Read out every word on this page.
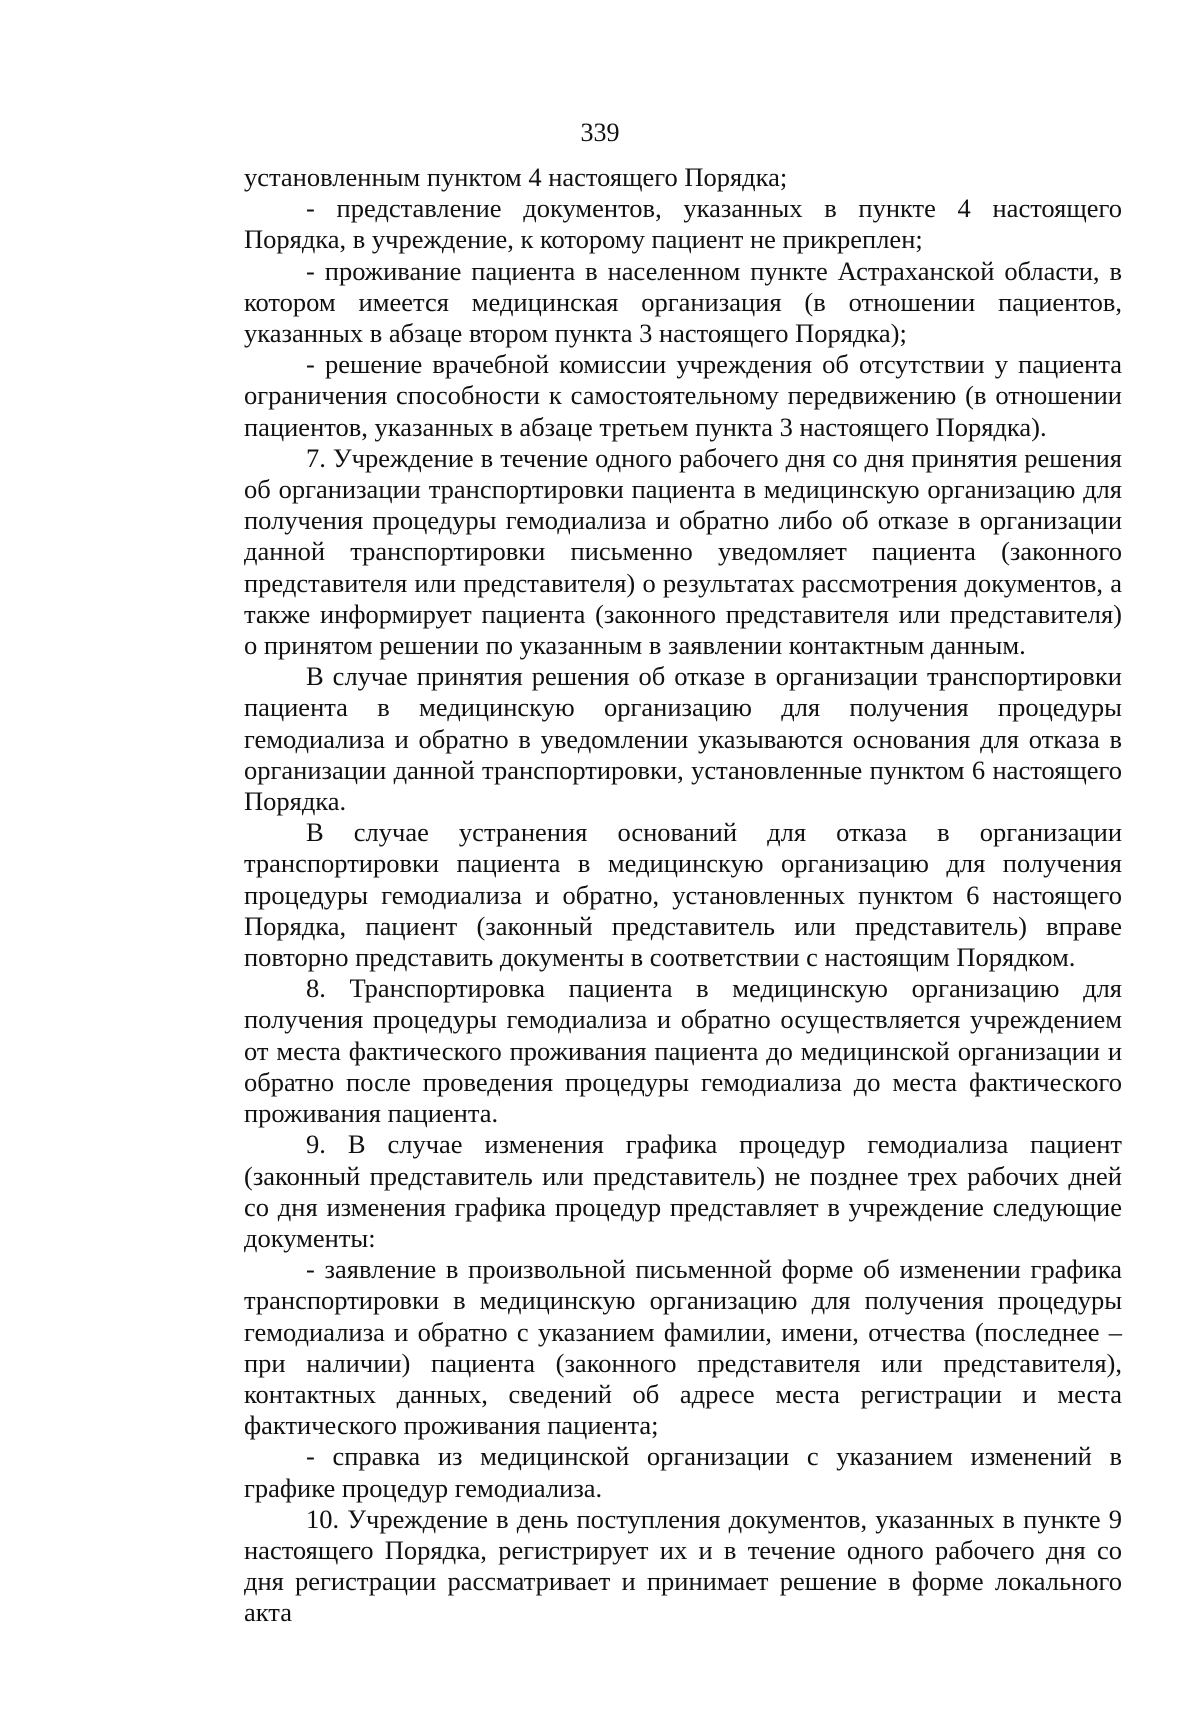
339

установленным пунктом 4 настоящего Порядка;

- представление документов, указанных в пункте 4 настоящего Порядка, в учреждение, к которому пациент не прикреплен;

- проживание пациента в населенном пункте Астраханской области, в котором имеется медицинская организация (в отношении пациентов, указанных в абзаце втором пункта 3 настоящего Порядка);

- решение врачебной комиссии учреждения об отсутствии у пациента ограничения способности к самостоятельному передвижению (в отношении пациентов, указанных в абзаце третьем пункта 3 настоящего Порядка).

7. Учреждение в течение одного рабочего дня со дня принятия решения об организации транспортировки пациента в медицинскую организацию для получения процедуры гемодиализа и обратно либо об отказе в организации данной транспортировки письменно уведомляет пациента (законного представителя или представителя) о результатах рассмотрения документов, а также информирует пациента (законного представителя или представителя) о принятом решении по указанным в заявлении контактным данным.

В случае принятия решения об отказе в организации транспортировки пациента в медицинскую организацию для получения процедуры гемодиализа и обратно в уведомлении указываются основания для отказа в организации данной транспортировки, установленные пунктом 6 настоящего Порядка.

В случае устранения оснований для отказа в организации транспортировки пациента в медицинскую организацию для получения процедуры гемодиализа и обратно, установленных пунктом 6 настоящего Порядка, пациент (законный представитель или представитель) вправе повторно представить документы в соответствии с настоящим Порядком.

8. Транспортировка пациента в медицинскую организацию для получения процедуры гемодиализа и обратно осуществляется учреждением от места фактического проживания пациента до медицинской организации и обратно после проведения процедуры гемодиализа до места фактического проживания пациента.

9. В случае изменения графика процедур гемодиализа пациент (законный представитель или представитель) не позднее трех рабочих дней со дня изменения графика процедур представляет в учреждение следующие документы:

- заявление в произвольной письменной форме об изменении графика транспортировки в медицинскую организацию для получения процедуры гемодиализа и обратно с указанием фамилии, имени, отчества (последнее – при наличии) пациента (законного представителя или представителя), контактных данных, сведений об адресе места регистрации и места фактического проживания пациента;

- справка из медицинской организации с указанием изменений в графике процедур гемодиализа.

10. Учреждение в день поступления документов, указанных в пункте 9 настоящего Порядка, регистрирует их и в течение одного рабочего дня со дня регистрации рассматривает и принимает решение в форме локального акта
